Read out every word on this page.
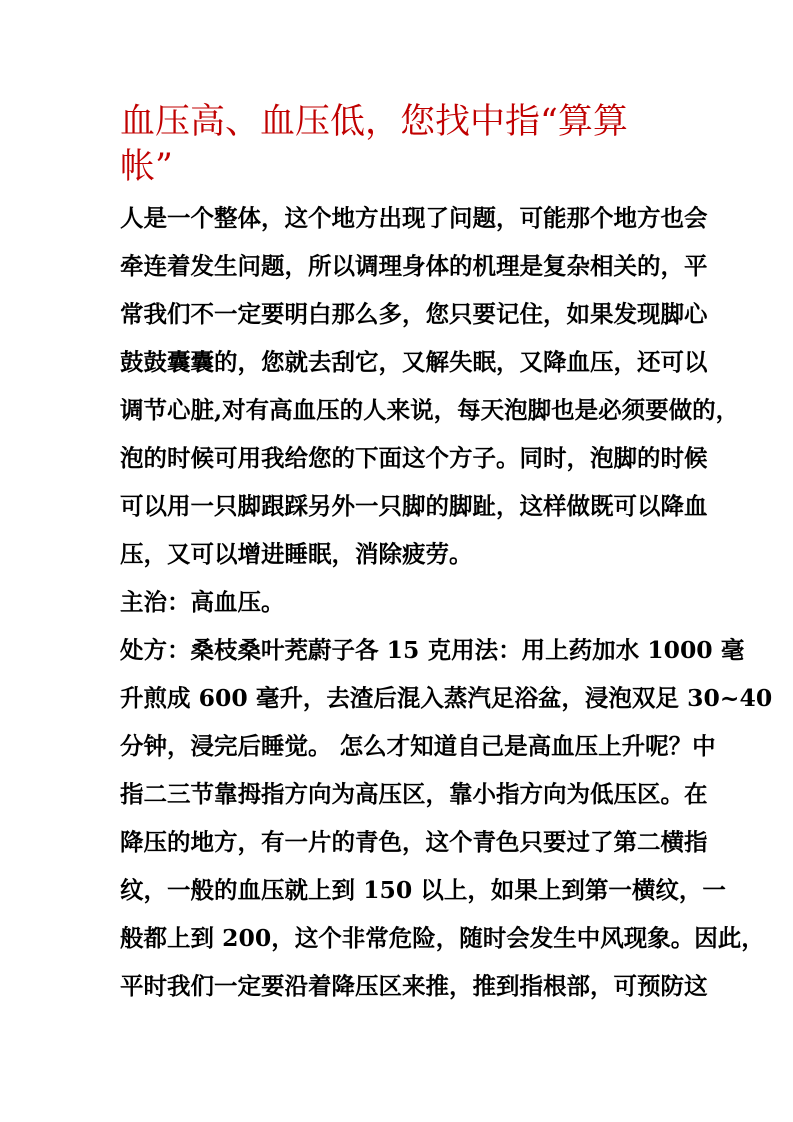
血压高、血压低，您找中指“算算
帐”
人是一个整体，这个地方出现了问题，可能那个地方也会
牵连着发生问题，所以调理身体的机理是复杂相关的，平
常我们不一定要明白那么多，您只要记住，如果发现脚心
鼓鼓囊囊的，您就去刮它，又解失眠，又降血压，还可以
调节心脏,对有高血压的人来说，每天泡脚也是必须要做的，
泡的时候可用我给您的下面这个方子。同时，泡脚的时候
可以用一只脚跟踩另外一只脚的脚趾，这样做既可以降血
压，又可以增进睡眠，消除疲劳。
主治：高血压。
处方：桑枝桑叶茺蔚子各 15 克用法：用上药加水 1000 毫
升煎成 600 毫升，去渣后混入蒸汽足浴盆，浸泡双足 30~40
分钟，浸完后睡觉。 怎么才知道自己是高血压上升呢？中
指二三节靠拇指方向为高压区，靠小指方向为低压区。在
降压的地方，有一片的青色，这个青色只要过了第二横指
纹，一般的血压就上到 150 以上，如果上到第一横纹，一
般都上到 200，这个非常危险，随时会发生中风现象。因此，
平时我们一定要沿着降压区来推，推到指根部，可预防这
